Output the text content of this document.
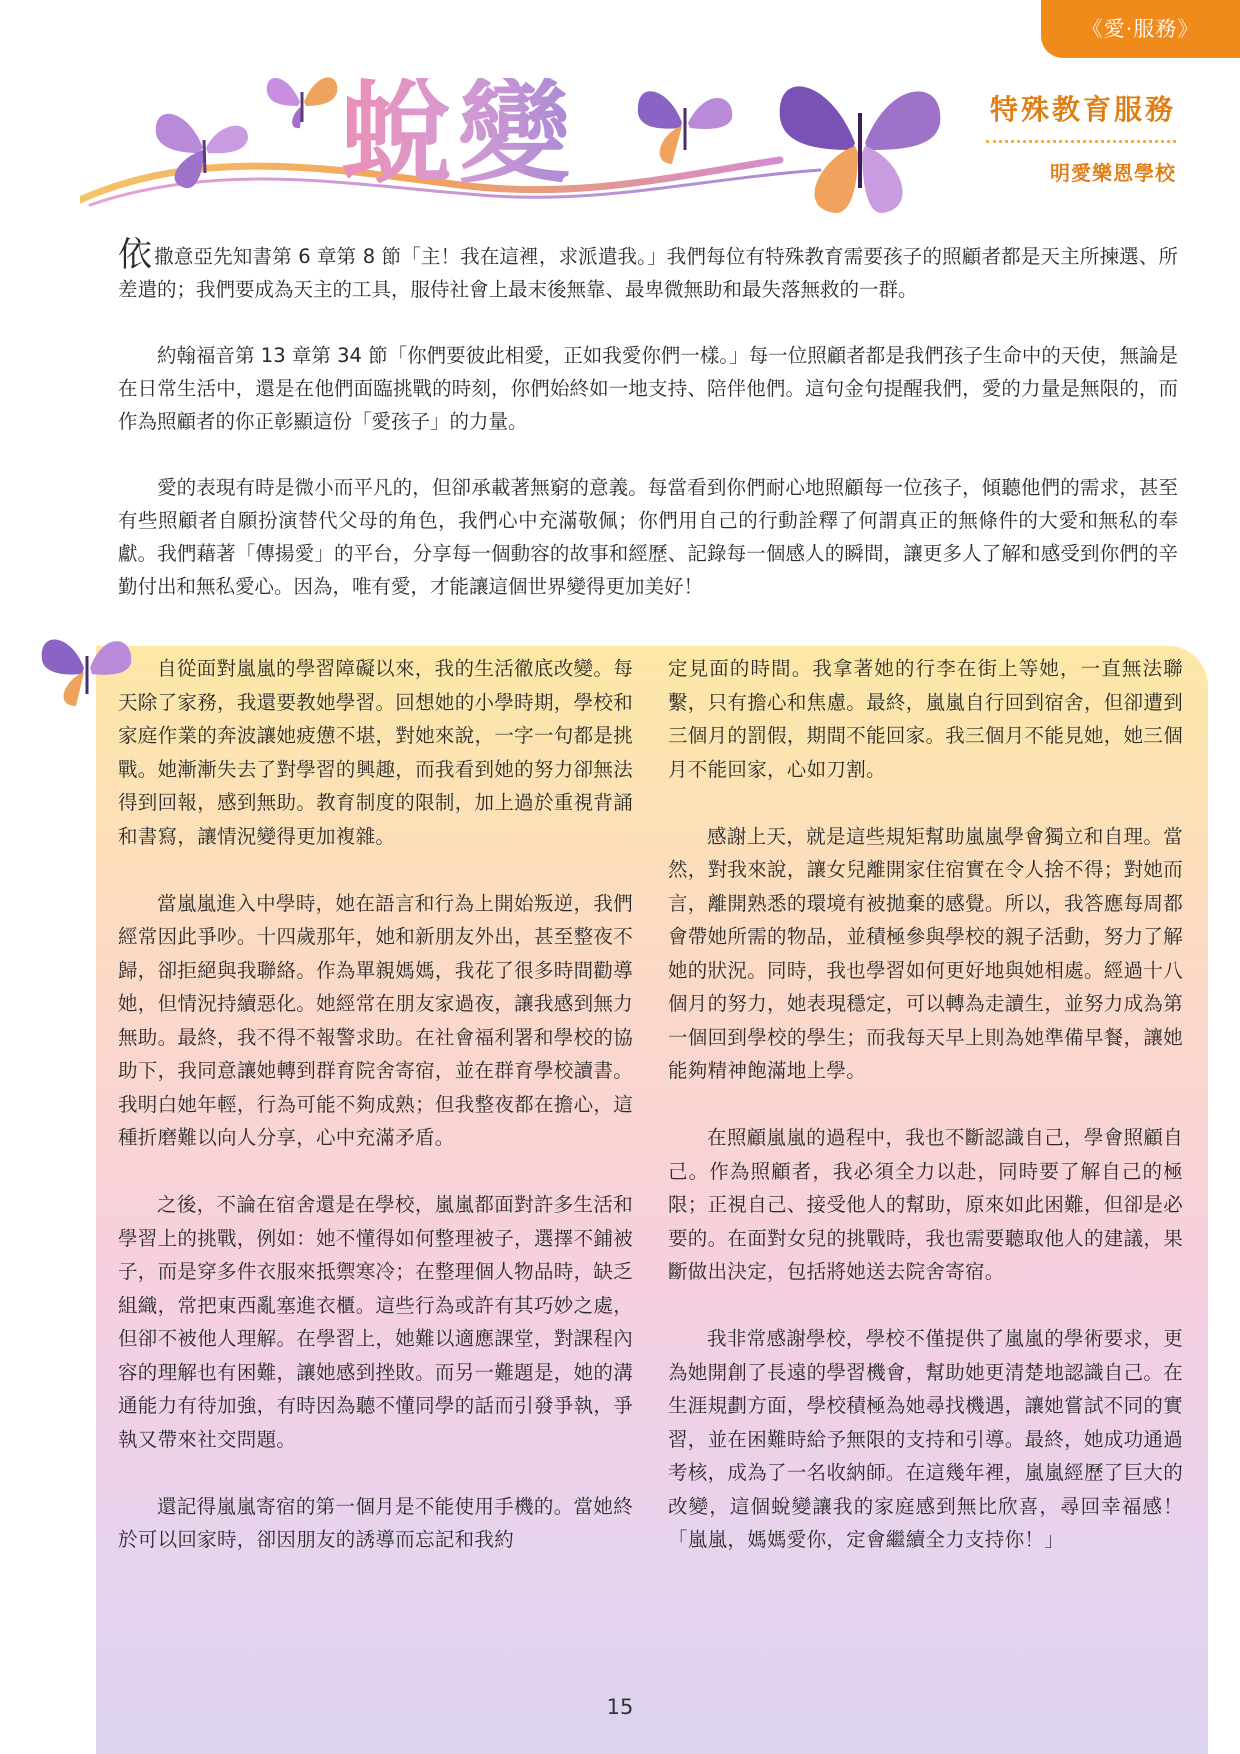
《愛·服務》
特殊教育服務
明愛樂恩學校
蛻變

依撒意亞先知書第 6 章第 8 節「主！我在這裡，求派遣我。」我們每位有特殊教育需要孩子的照顧者都是天主所揀選、所差遣的；我們要成為天主的工具，服侍社會上最末後無靠、最卑微無助和最失落無救的一群。

約翰福音第 13 章第 34 節「你們要彼此相愛，正如我愛你們一樣。」每一位照顧者都是我們孩子生命中的天使，無論是在日常生活中，還是在他們面臨挑戰的時刻，你們始終如一地支持、陪伴他們。這句金句提醒我們，愛的力量是無限的，而作為照顧者的你正彰顯這份「愛孩子」的力量。

愛的表現有時是微小而平凡的，但卻承載著無窮的意義。每當看到你們耐心地照顧每一位孩子，傾聽他們的需求，甚至有些照顧者自願扮演替代父母的角色，我們心中充滿敬佩；你們用自己的行動詮釋了何謂真正的無條件的大愛和無私的奉獻。我們藉著「傳揚愛」的平台，分享每一個動容的故事和經歷、記錄每一個感人的瞬間，讓更多人了解和感受到你們的辛勤付出和無私愛心。因為，唯有愛，才能讓這個世界變得更加美好！

自從面對嵐嵐的學習障礙以來，我的生活徹底改變。每天除了家務，我還要教她學習。回想她的小學時期，學校和家庭作業的奔波讓她疲憊不堪，對她來說，一字一句都是挑戰。她漸漸失去了對學習的興趣，而我看到她的努力卻無法得到回報，感到無助。教育制度的限制，加上過於重視背誦和書寫，讓情況變得更加複雜。

當嵐嵐進入中學時，她在語言和行為上開始叛逆，我們經常因此爭吵。十四歲那年，她和新朋友外出，甚至整夜不歸，卻拒絕與我聯絡。作為單親媽媽，我花了很多時間勸導她，但情況持續惡化。她經常在朋友家過夜，讓我感到無力無助。最終，我不得不報警求助。在社會福利署和學校的協助下，我同意讓她轉到群育院舍寄宿，並在群育學校讀書。我明白她年輕，行為可能不夠成熟；但我整夜都在擔心，這種折磨難以向人分享，心中充滿矛盾。

之後，不論在宿舍還是在學校，嵐嵐都面對許多生活和學習上的挑戰，例如：她不懂得如何整理被子，選擇不鋪被子，而是穿多件衣服來抵禦寒冷；在整理個人物品時，缺乏組織，常把東西亂塞進衣櫃。這些行為或許有其巧妙之處，但卻不被他人理解。在學習上，她難以適應課堂，對課程內容的理解也有困難，讓她感到挫敗。而另一難題是，她的溝通能力有待加強，有時因為聽不懂同學的話而引發爭執，爭執又帶來社交問題。

還記得嵐嵐寄宿的第一個月是不能使用手機的。當她終於可以回家時，卻因朋友的誘導而忘記和我約

定見面的時間。我拿著她的行李在街上等她，一直無法聯繫，只有擔心和焦慮。最終，嵐嵐自行回到宿舍，但卻遭到三個月的罰假，期間不能回家。我三個月不能見她，她三個月不能回家，心如刀割。

感謝上天，就是這些規矩幫助嵐嵐學會獨立和自理。當然，對我來說，讓女兒離開家住宿實在令人捨不得；對她而言，離開熟悉的環境有被拋棄的感覺。所以，我答應每周都會帶她所需的物品，並積極參與學校的親子活動，努力了解她的狀況。同時，我也學習如何更好地與她相處。經過十八個月的努力，她表現穩定，可以轉為走讀生，並努力成為第一個回到學校的學生；而我每天早上則為她準備早餐，讓她能夠精神飽滿地上學。

在照顧嵐嵐的過程中，我也不斷認識自己，學會照顧自己。作為照顧者，我必須全力以赴，同時要了解自己的極限；正視自己、接受他人的幫助，原來如此困難，但卻是必要的。在面對女兒的挑戰時，我也需要聽取他人的建議，果斷做出決定，包括將她送去院舍寄宿。

我非常感謝學校，學校不僅提供了嵐嵐的學術要求，更為她開創了長遠的學習機會，幫助她更清楚地認識自己。在生涯規劃方面，學校積極為她尋找機遇，讓她嘗試不同的實習，並在困難時給予無限的支持和引導。最終，她成功通過考核，成為了一名收納師。在這幾年裡，嵐嵐經歷了巨大的改變，這個蛻變讓我的家庭感到無比欣喜，尋回幸福感！「嵐嵐，媽媽愛你，定會繼續全力支持你！」

15
